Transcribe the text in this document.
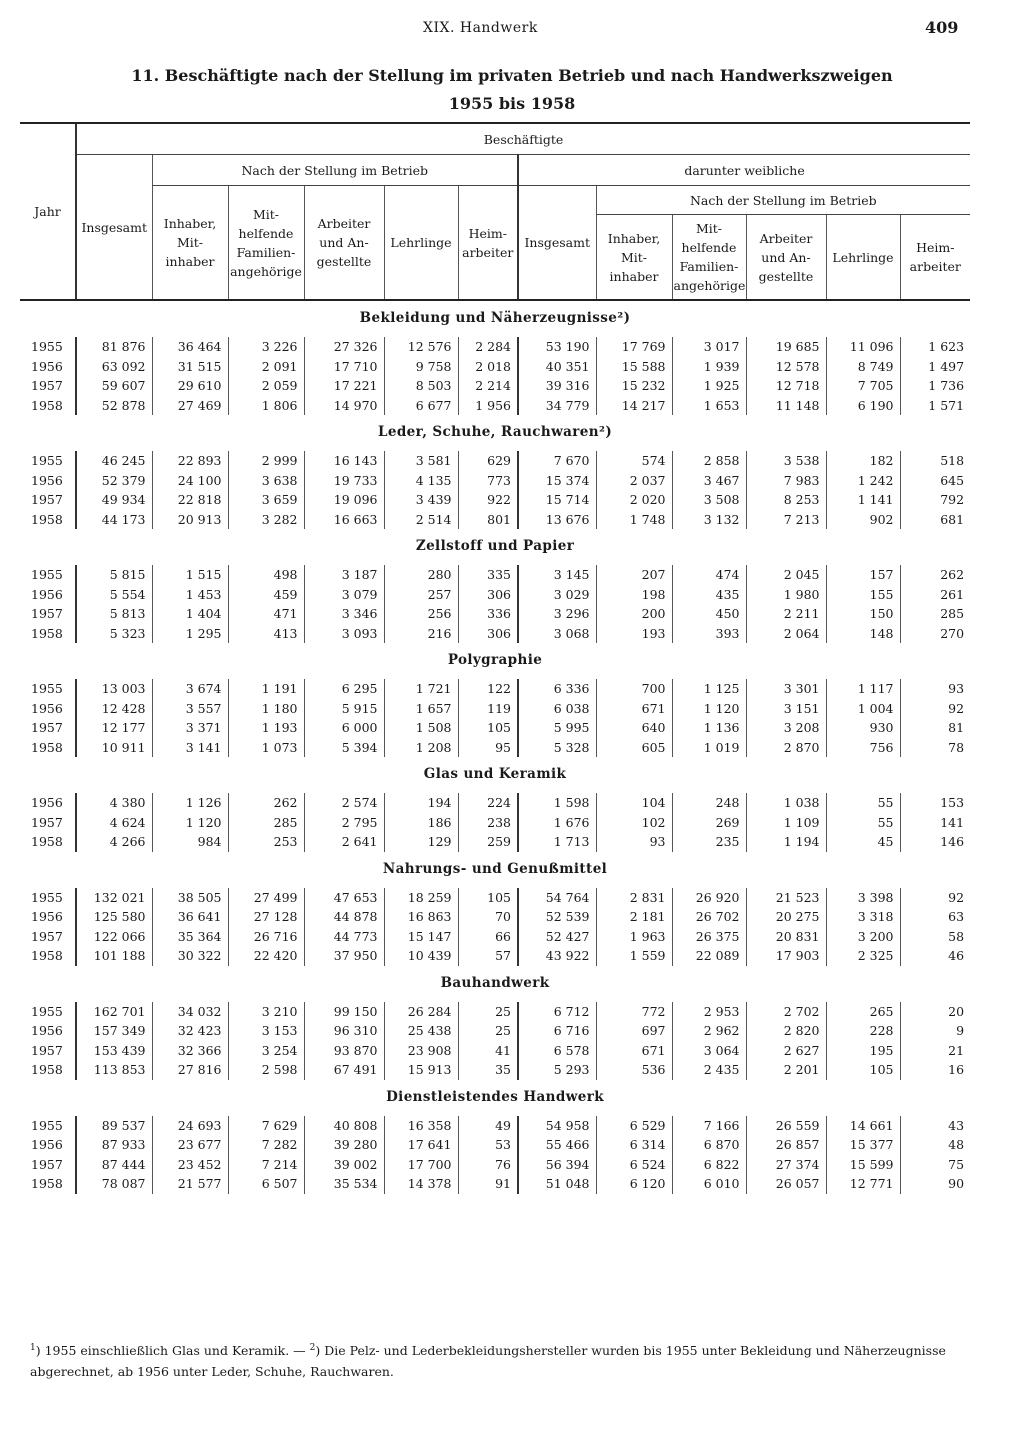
XIX. Handwerk	409
11. Beschäftigte nach der Stellung im privaten Betrieb und nach Handwerkszweigen
1955 bis 1958
Jahr	Beschäftigte											
	Insgesamt	Nach der Stellung im Betrieb					darunter weibliche					
		Inhaber, Mit-inhaber	Mit-helfende Familien-angehörige	Arbeiter und An-gestellte	Lehrlinge	Heim-arbeiter	Insgesamt	Nach der Stellung im Betrieb				
								Inhaber, Mit-inhaber	Mit-helfende Familien-angehörige	Arbeiter und An-gestellte	Lehrlinge	Heim-arbeiter
Bekleidung und Näherzeugnisse²)												
1955	81 876	36 464	3 226	27 326	12 576	2 284	53 190	17 769	3 017	19 685	11 096	1 623
1956	63 092	31 515	2 091	17 710	9 758	2 018	40 351	15 588	1 939	12 578	8 749	1 497
1957	59 607	29 610	2 059	17 221	8 503	2 214	39 316	15 232	1 925	12 718	7 705	1 736
1958	52 878	27 469	1 806	14 970	6 677	1 956	34 779	14 217	1 653	11 148	6 190	1 571
Leder, Schuhe, Rauchwaren²)												
1955	46 245	22 893	2 999	16 143	3 581	629	7 670	574	2 858	3 538	182	518
1956	52 379	24 100	3 638	19 733	4 135	773	15 374	2 037	3 467	7 983	1 242	645
1957	49 934	22 818	3 659	19 096	3 439	922	15 714	2 020	3 508	8 253	1 141	792
1958	44 173	20 913	3 282	16 663	2 514	801	13 676	1 748	3 132	7 213	902	681
Zellstoff und Papier												
1955	5 815	1 515	498	3 187	280	335	3 145	207	474	2 045	157	262
1956	5 554	1 453	459	3 079	257	306	3 029	198	435	1 980	155	261
1957	5 813	1 404	471	3 346	256	336	3 296	200	450	2 211	150	285
1958	5 323	1 295	413	3 093	216	306	3 068	193	393	2 064	148	270
Polygraphie												
1955	13 003	3 674	1 191	6 295	1 721	122	6 336	700	1 125	3 301	1 117	93
1956	12 428	3 557	1 180	5 915	1 657	119	6 038	671	1 120	3 151	1 004	92
1957	12 177	3 371	1 193	6 000	1 508	105	5 995	640	1 136	3 208	930	81
1958	10 911	3 141	1 073	5 394	1 208	95	5 328	605	1 019	2 870	756	78
Glas und Keramik												
1956	4 380	1 126	262	2 574	194	224	1 598	104	248	1 038	55	153
1957	4 624	1 120	285	2 795	186	238	1 676	102	269	1 109	55	141
1958	4 266	984	253	2 641	129	259	1 713	93	235	1 194	45	146
Nahrungs- und Genußmittel												
1955	132 021	38 505	27 499	47 653	18 259	105	54 764	2 831	26 920	21 523	3 398	92
1956	125 580	36 641	27 128	44 878	16 863	70	52 539	2 181	26 702	20 275	3 318	63
1957	122 066	35 364	26 716	44 773	15 147	66	52 427	1 963	26 375	20 831	3 200	58
1958	101 188	30 322	22 420	37 950	10 439	57	43 922	1 559	22 089	17 903	2 325	46
Bauhandwerk												
1955	162 701	34 032	3 210	99 150	26 284	25	6 712	772	2 953	2 702	265	20
1956	157 349	32 423	3 153	96 310	25 438	25	6 716	697	2 962	2 820	228	9
1957	153 439	32 366	3 254	93 870	23 908	41	6 578	671	3 064	2 627	195	21
1958	113 853	27 816	2 598	67 491	15 913	35	5 293	536	2 435	2 201	105	16
Dienstleistendes Handwerk												
1955	89 537	24 693	7 629	40 808	16 358	49	54 958	6 529	7 166	26 559	14 661	43
1956	87 933	23 677	7 282	39 280	17 641	53	55 466	6 314	6 870	26 857	15 377	48
1957	87 444	23 452	7 214	39 002	17 700	76	56 394	6 524	6 822	27 374	15 599	75
1958	78 087	21 577	6 507	35 534	14 378	91	51 048	6 120	6 010	26 057	12 771	90
$^1$) 1955 einschließlich Glas und Keramik. — $^2$) Die Pelz- und Lederbekleidungshersteller wurden bis 1955 unter Bekleidung und Näherzeugnisse abgerechnet, ab 1956 unter Leder, Schuhe, Rauchwaren.
